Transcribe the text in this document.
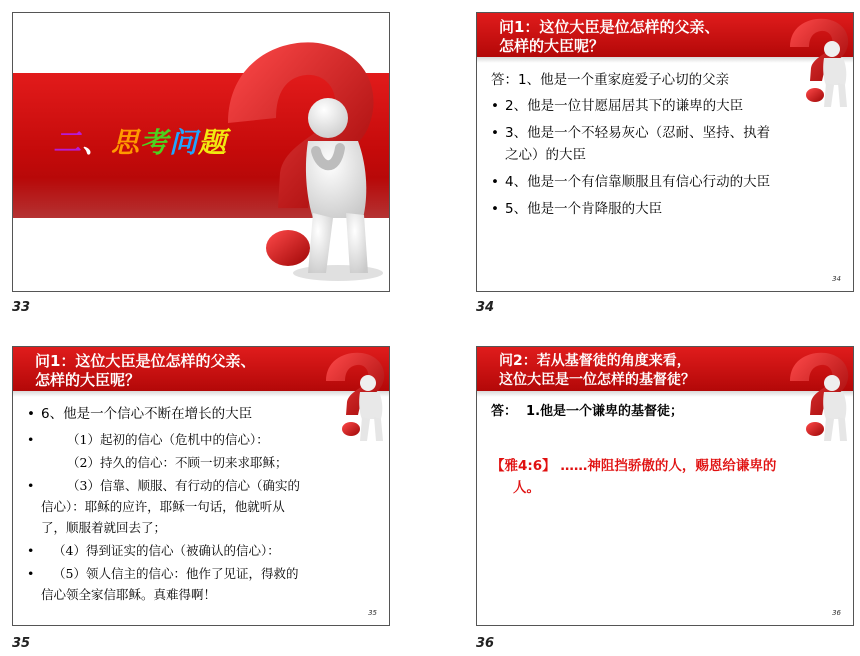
二、思考问题
33
问1：这位大臣是位怎样的父亲、
怎样的大臣呢？
答：1、他是一个重家庭爱子心切的父亲
• 2、他是一位甘愿屈居其下的谦卑的大臣
• 3、他是一个不轻易灰心（忍耐、坚持、执着
之心）的大臣
• 4、他是一个有信靠顺服且有信心行动的大臣
• 5、他是一个肯降服的大臣
34
34
问1：这位大臣是位怎样的父亲、
怎样的大臣呢？
• 6、他是一个信心不断在增长的大臣
•	（1）起初的信心（危机中的信心）：
（2）持久的信心：不顾一切来求耶稣；
•	（3）信靠、顺服、有行动的信心（确实的
信心）：耶稣的应许，耶稣一句话，他就听从
了，顺服着就回去了；
• （4）得到证实的信心（被确认的信心）：
• （5）领人信主的信心：他作了见证，得救的
信心领全家信耶稣。真难得啊！
35
35
问2：若从基督徒的角度来看，
这位大臣是一位怎样的基督徒？
答：  1.他是一个谦卑的基督徒；
【雅4:6】 ……神阻挡骄傲的人，赐恩给谦卑的
人。
36
36
